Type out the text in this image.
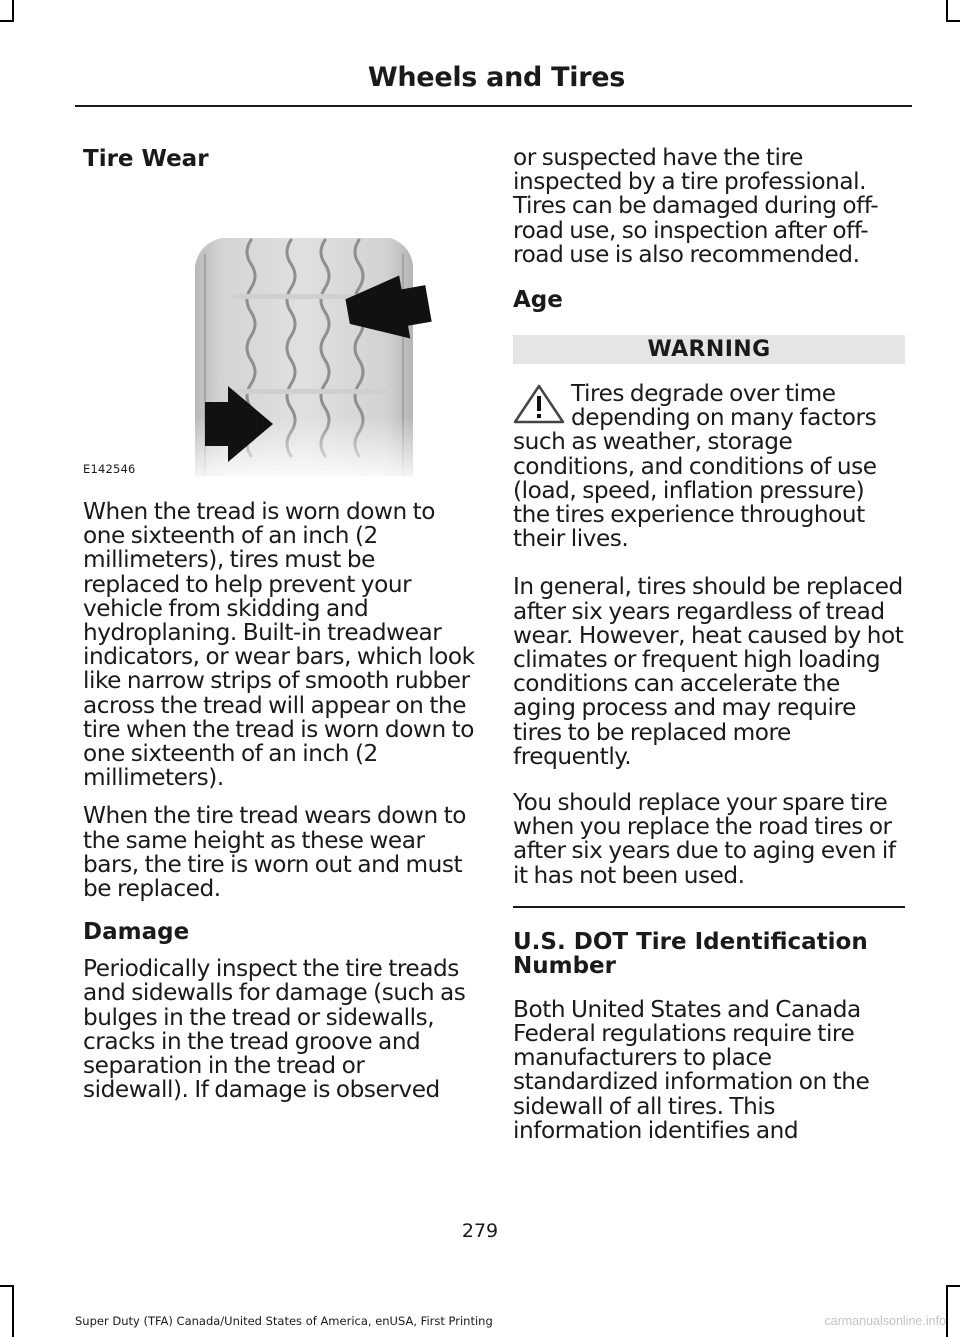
Wheels and Tires
Tire Wear
E142546

When the tread is worn down to one sixteenth of an inch (2 millimeters), tires must be replaced to help prevent your vehicle from skidding and hydroplaning. Built-in treadwear indicators, or wear bars, which look like narrow strips of smooth rubber across the tread will appear on the tire when the tread is worn down to one sixteenth of an inch (2 millimeters).

When the tire tread wears down to the same height as these wear bars, the tire is worn out and must be replaced.

Damage

Periodically inspect the tire treads and sidewalls for damage (such as bulges in the tread or sidewalls, cracks in the tread groove and separation in the tread or sidewall). If damage is observed

or suspected have the tire inspected by a tire professional. Tires can be damaged during off-road use, so inspection after off-road use is also recommended.

Age
WARNING

Tires degrade over time depending on many factors such as weather, storage conditions, and conditions of use (load, speed, inflation pressure) the tires experience throughout their lives.

In general, tires should be replaced after six years regardless of tread wear. However, heat caused by hot climates or frequent high loading conditions can accelerate the aging process and may require tires to be replaced more frequently.

You should replace your spare tire when you replace the road tires or after six years due to aging even if it has not been used.

U.S. DOT Tire Identification Number

Both United States and Canada Federal regulations require tire manufacturers to place standardized information on the sidewall of all tires. This information identifies and

279
Super Duty (TFA) Canada/United States of America, enUSA, First Printing	carmanualsonline.info
